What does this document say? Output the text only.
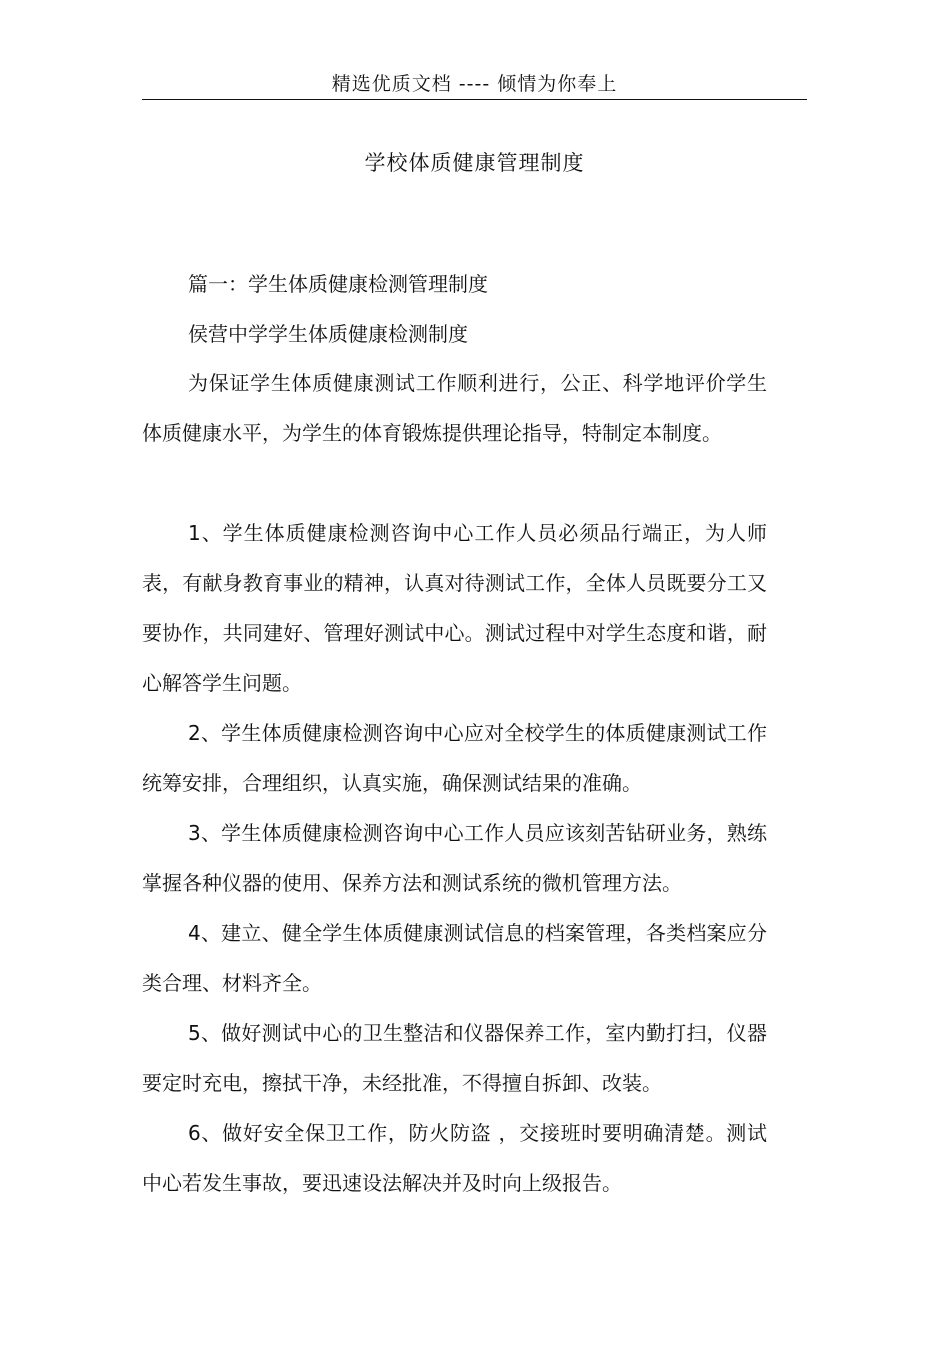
精选优质文档 ---- 倾情为你奉上
学校体质健康管理制度

篇一：学生体质健康检测管理制度

侯营中学学生体质健康检测制度

为保证学生体质健康测试工作顺利进行，公正、科学地评价学生体质健康水平，为学生的体育锻炼提供理论指导，特制定本制度。

1、学生体质健康检测咨询中心工作人员必须品行端正，为人师表，有献身教育事业的精神，认真对待测试工作，全体人员既要分工又要协作，共同建好、管理好测试中心。测试过程中对学生态度和谐，耐心解答学生问题。

2、学生体质健康检测咨询中心应对全校学生的体质健康测试工作统筹安排，合理组织，认真实施，确保测试结果的准确。

3、学生体质健康检测咨询中心工作人员应该刻苦钻研业务，熟练掌握各种仪器的使用、保养方法和测试系统的微机管理方法。

4、建立、健全学生体质健康测试信息的档案管理，各类档案应分类合理、材料齐全。

5、做好测试中心的卫生整洁和仪器保养工作，室内勤打扫，仪器要定时充电，擦拭干净，未经批准，不得擅自拆卸、改装。

6、做好安全保卫工作，防火防盗 ，交接班时要明确清楚。测试中心若发生事故，要迅速设法解决并及时向上级报告。
